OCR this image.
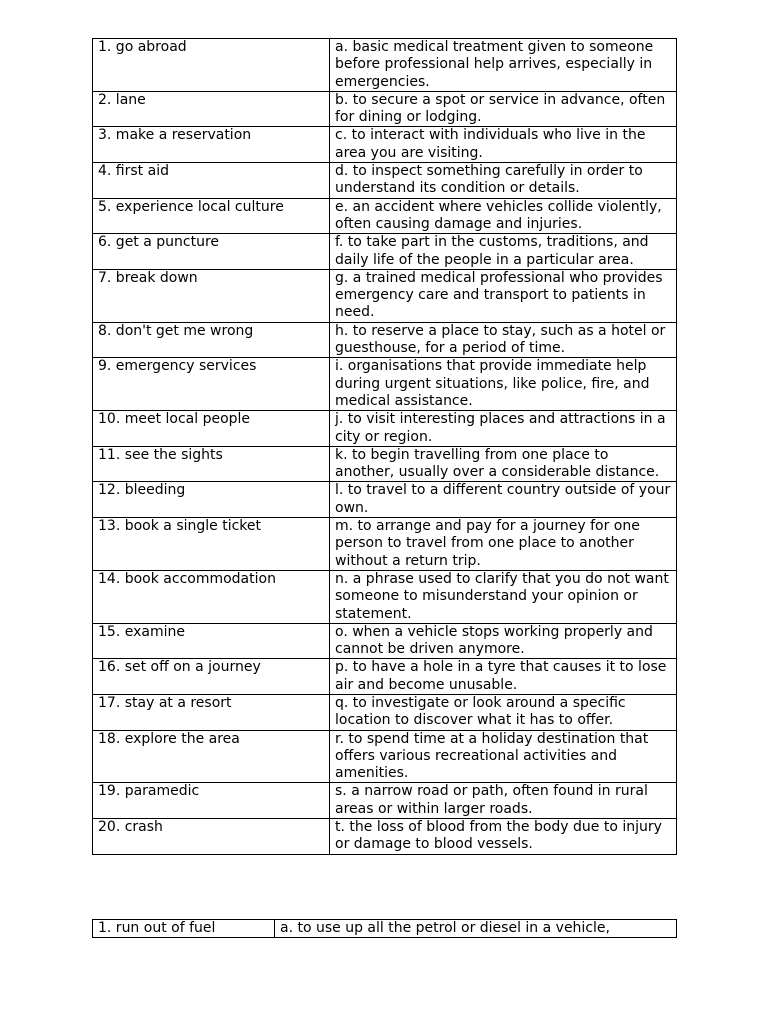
1. go abroad	a. basic medical treatment given to someone before professional help arrives, especially in emergencies.
2. lane	b. to secure a spot or service in advance, often for dining or lodging.
3. make a reservation	c. to interact with individuals who live in the area you are visiting.
4. first aid	d. to inspect something carefully in order to understand its condition or details.
5. experience local culture	e. an accident where vehicles collide violently, often causing damage and injuries.
6. get a puncture	f. to take part in the customs, traditions, and daily life of the people in a particular area.
7. break down	g. a trained medical professional who provides emergency care and transport to patients in need.
8. don't get me wrong	h. to reserve a place to stay, such as a hotel or guesthouse, for a period of time.
9. emergency services	i. organisations that provide immediate help during urgent situations, like police, fire, and medical assistance.
10. meet local people	j. to visit interesting places and attractions in a city or region.
11. see the sights	k. to begin travelling from one place to another, usually over a considerable distance.
12. bleeding	l. to travel to a different country outside of your own.
13. book a single ticket	m. to arrange and pay for a journey for one person to travel from one place to another without a return trip.
14. book accommodation	n. a phrase used to clarify that you do not want someone to misunderstand your opinion or statement.
15. examine	o. when a vehicle stops working properly and cannot be driven anymore.
16. set off on a journey	p. to have a hole in a tyre that causes it to lose air and become unusable.
17. stay at a resort	q. to investigate or look around a specific location to discover what it has to offer.
18. explore the area	r. to spend time at a holiday destination that offers various recreational activities and amenities.
19. paramedic	s. a narrow road or path, often found in rural areas or within larger roads.
20. crash	t. the loss of blood from the body due to injury or damage to blood vessels.
1. run out of fuel	a. to use up all the petrol or diesel in a vehicle,
